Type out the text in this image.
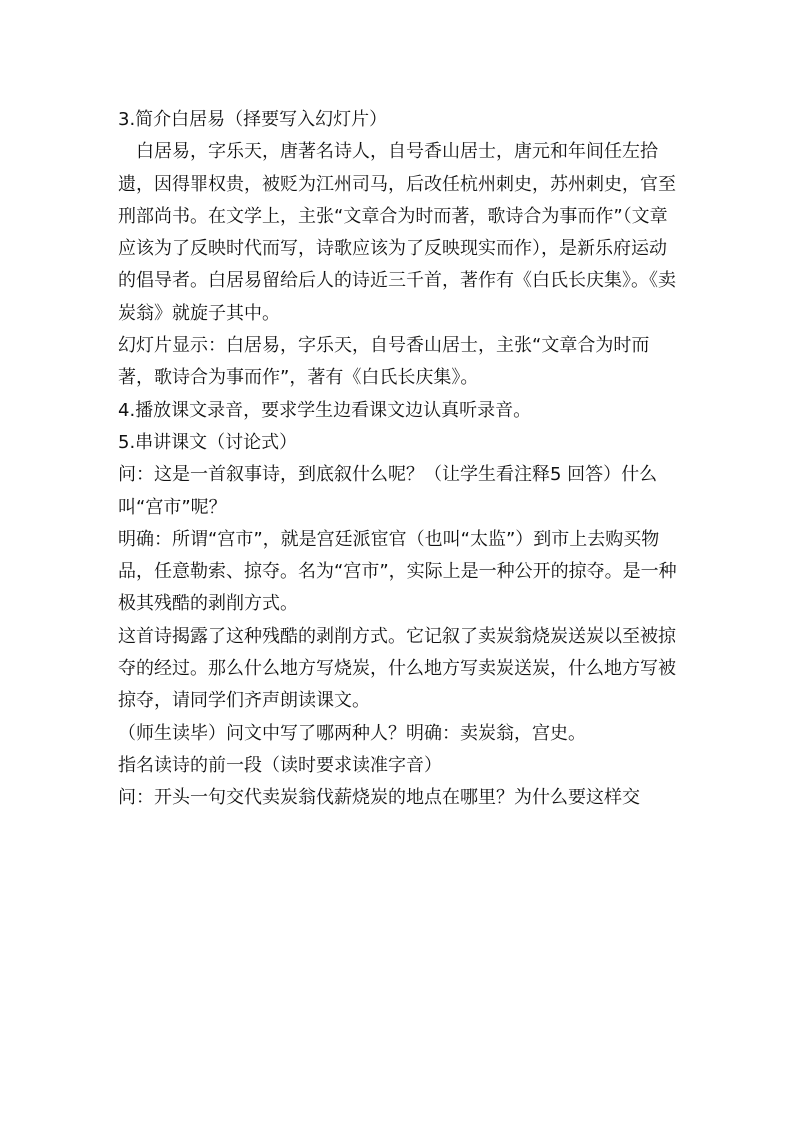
3.简介白居易（择要写入幻灯片）

白居易，字乐天，唐著名诗人，自号香山居士，唐元和年间任左拾遗，因得罪权贵，被贬为江州司马，后改任杭州刺史，苏州刺史，官至刑部尚书。在文学上，主张“文章合为时而著，歌诗合为事而作”（文章应该为了反映时代而写，诗歌应该为了反映现实而作），是新乐府运动的倡导者。白居易留给后人的诗近三千首，著作有《白氏长庆集》。《卖炭翁》就旋子其中。

幻灯片显示：白居易，字乐天，自号香山居士，主张“文章合为时而著，歌诗合为事而作”，著有《白氏长庆集》。

4.播放课文录音，要求学生边看课文边认真听录音。

5.串讲课文（讨论式）

问：这是一首叙事诗，到底叙什么呢？（让学生看注释5 回答）什么叫“宫市”呢？

明确：所谓“宫市”，就是宫廷派宦官（也叫“太监”）到市上去购买物品，任意勒索、掠夺。名为“宫市”，实际上是一种公开的掠夺。是一种极其残酷的剥削方式。

这首诗揭露了这种残酷的剥削方式。它记叙了卖炭翁烧炭送炭以至被掠夺的经过。那么什么地方写烧炭，什么地方写卖炭送炭，什么地方写被掠夺，请同学们齐声朗读课文。

（师生读毕）问文中写了哪两种人？明确：卖炭翁，宫史。

指名读诗的前一段（读时要求读准字音）

问：开头一句交代卖炭翁伐薪烧炭的地点在哪里？为什么要这样交
